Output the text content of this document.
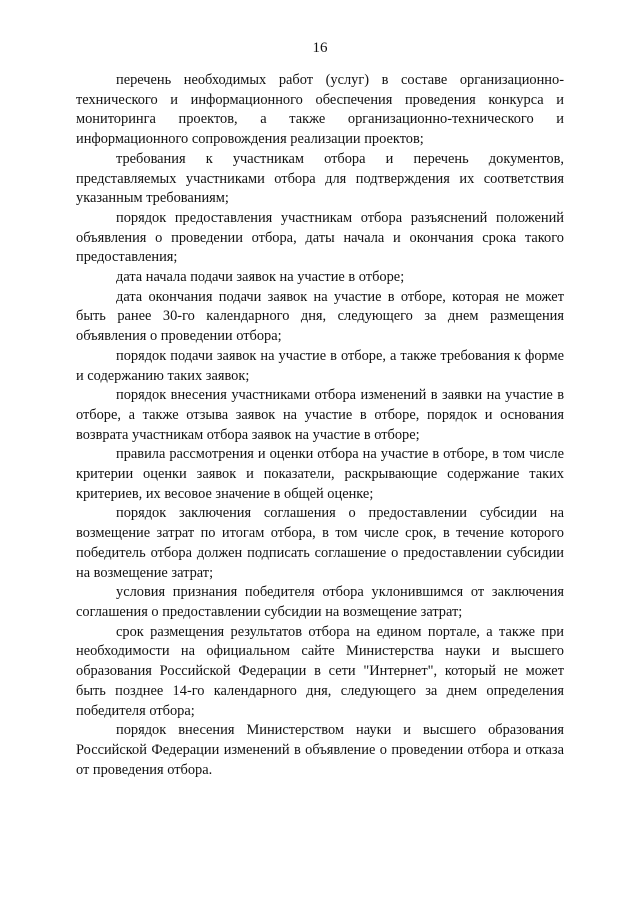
16

перечень необходимых работ (услуг) в составе организационно-технического и информационного обеспечения проведения конкурса и мониторинга проектов, а также организационно-технического и информационного сопровождения реализации проектов;

требования к участникам отбора и перечень документов, представляемых участниками отбора для подтверждения их соответствия указанным требованиям;

порядок предоставления участникам отбора разъяснений положений объявления о проведении отбора, даты начала и окончания срока такого предоставления;

дата начала подачи заявок на участие в отборе;

дата окончания подачи заявок на участие в отборе, которая не может быть ранее 30-го календарного дня, следующего за днем размещения объявления о проведении отбора;

порядок подачи заявок на участие в отборе, а также требования к форме и содержанию таких заявок;

порядок внесения участниками отбора изменений в заявки на участие в отборе, а также отзыва заявок на участие в отборе, порядок и основания возврата участникам отбора заявок на участие в отборе;

правила рассмотрения и оценки отбора на участие в отборе, в том числе критерии оценки заявок и показатели, раскрывающие содержание таких критериев, их весовое значение в общей оценке;

порядок заключения соглашения о предоставлении субсидии на возмещение затрат по итогам отбора, в том числе срок, в течение которого победитель отбора должен подписать соглашение о предоставлении субсидии на возмещение затрат;

условия признания победителя отбора уклонившимся от заключения соглашения о предоставлении субсидии на возмещение затрат;

срок размещения результатов отбора на едином портале, а также при необходимости на официальном сайте Министерства науки и высшего образования Российской Федерации в сети "Интернет", который не может быть позднее 14-го календарного дня, следующего за днем определения победителя отбора;

порядок внесения Министерством науки и высшего образования Российской Федерации изменений в объявление о проведении отбора и отказа от проведения отбора.
